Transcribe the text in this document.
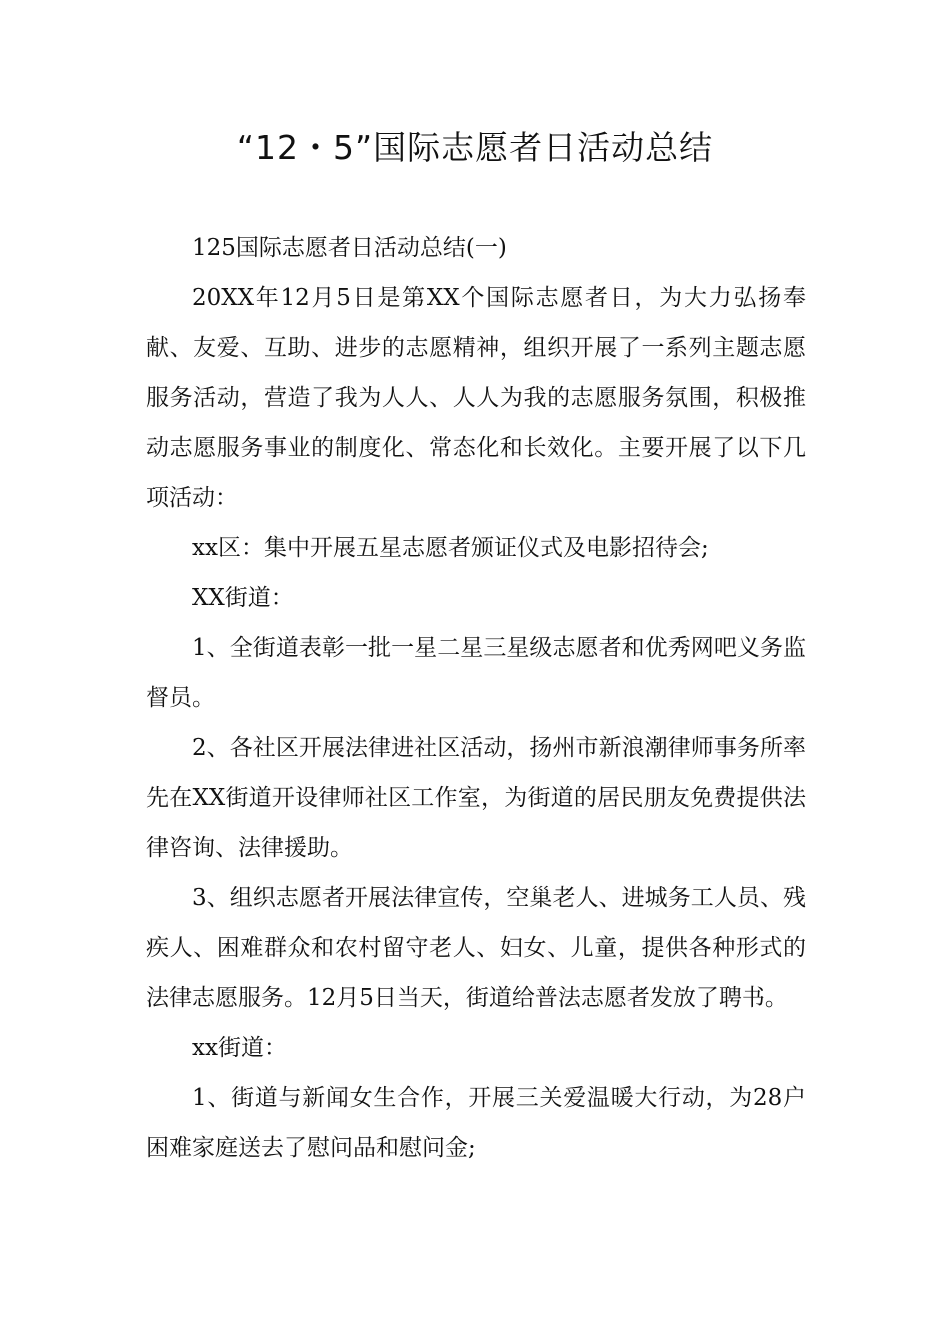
“12・5”国际志愿者日活动总结

125国际志愿者日活动总结(一)

20XX年12月5日是第XX个国际志愿者日，为大力弘扬奉献、友爱、互助、进步的志愿精神，组织开展了一系列主题志愿服务活动，营造了我为人人、人人为我的志愿服务氛围，积极推动志愿服务事业的制度化、常态化和长效化。主要开展了以下几项活动：

xx区：集中开展五星志愿者颁证仪式及电影招待会;

XX街道：

1、全街道表彰一批一星二星三星级志愿者和优秀网吧义务监督员。

2、各社区开展法律进社区活动，扬州市新浪潮律师事务所率先在XX街道开设律师社区工作室，为街道的居民朋友免费提供法律咨询、法律援助。

3、组织志愿者开展法律宣传，空巢老人、进城务工人员、残疾人、困难群众和农村留守老人、妇女、儿童，提供各种形式的法律志愿服务。12月5日当天，街道给普法志愿者发放了聘书。

xx街道：

1、街道与新闻女生合作，开展三关爱温暖大行动，为28户困难家庭送去了慰问品和慰问金;
